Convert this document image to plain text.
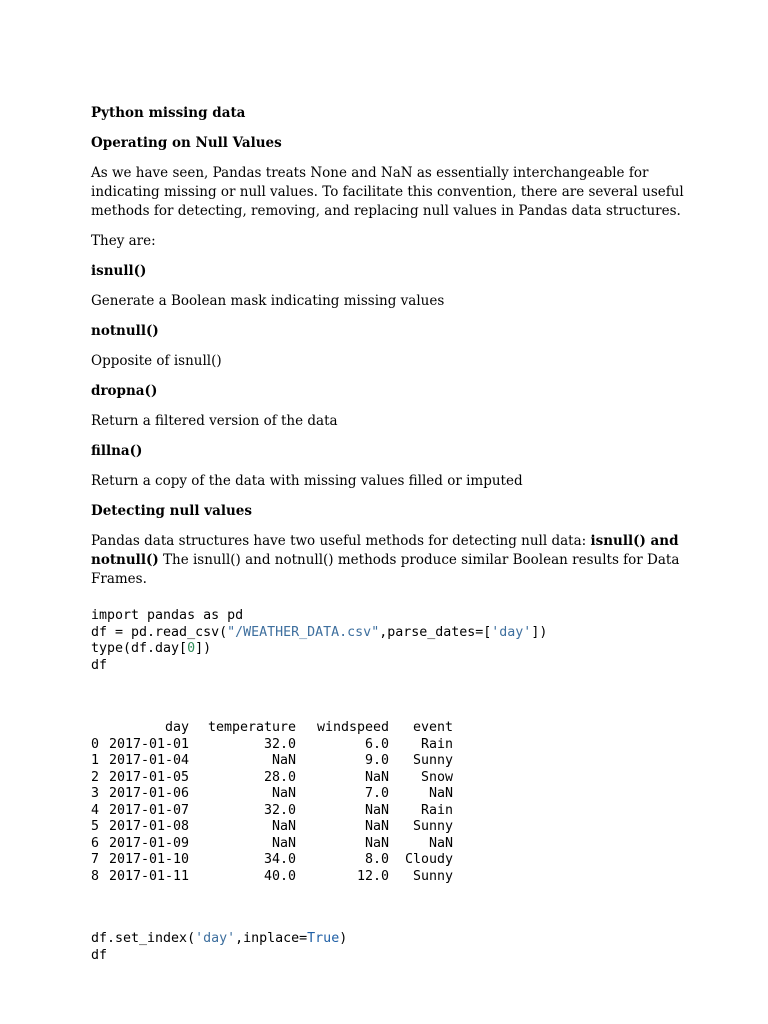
Python missing data

Operating on Null Values

As we have seen, Pandas treats None and NaN as essentially interchangeable for indicating missing or null values. To facilitate this convention, there are several useful methods for detecting, removing, and replacing null values in Pandas data structures.

They are:

isnull()

Generate a Boolean mask indicating missing values

notnull()

Opposite of isnull()

dropna()

Return a filtered version of the data

fillna()

Return a copy of the data with missing values filled or imputed

Detecting null values

Pandas data structures have two useful methods for detecting null data: isnull() and notnull() The isnull() and notnull() methods produce similar Boolean results for Data Frames.

import pandas as pd
df = pd.read_csv("/WEATHER_DATA.csv",parse_dates=['day'])
type(df.day[0])
df

	day	temperature	windspeed	event
0	2017-01-01	32.0	6.0	Rain
1	2017-01-04	NaN	9.0	Sunny
2	2017-01-05	28.0	NaN	Snow
3	2017-01-06	NaN	7.0	NaN
4	2017-01-07	32.0	NaN	Rain
5	2017-01-08	NaN	NaN	Sunny
6	2017-01-09	NaN	NaN	NaN
7	2017-01-10	34.0	8.0	Cloudy
8	2017-01-11	40.0	12.0	Sunny

df.set_index('day',inplace=True)
df
